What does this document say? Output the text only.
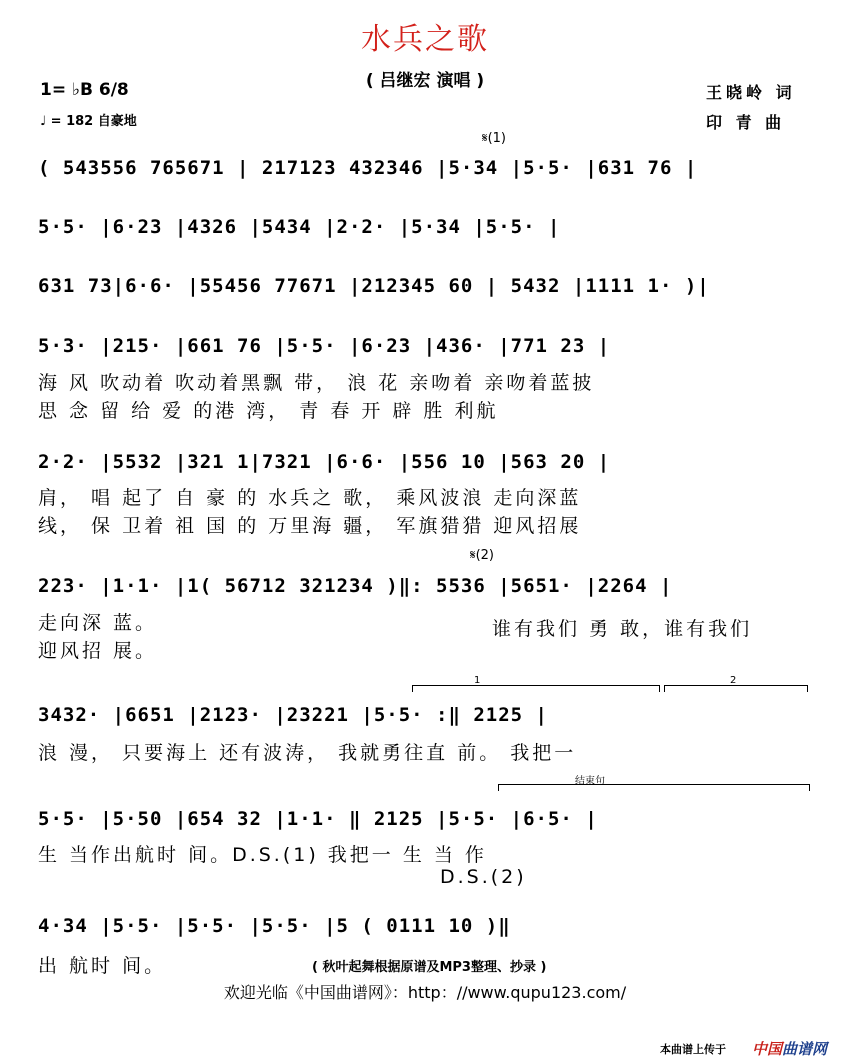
水兵之歌
( 吕继宏 演唱 )
1= ♭B 6/8
♩ = 182 自豪地
王晓岭 词
印 青 曲
𝄋(1)
( 543556 765671 | 217123 432346 |5·34 |5·5· |631 76 |
5·5· |6·23 |4326 |5434 |2·2· |5·34 |5·5· |
631 73|6·6· |55456 77671 |212345 60 | 5432 |1111 1· )|
5·3· |215· |661 76 |5·5· |6·23 |436· |771 23 |
海 风 吹动着 吹动着黑飘 带， 浪 花 亲吻着 亲吻着蓝披
思 念 留 给 爱 的港 湾， 青 春 开 辟 胜 利航
2·2· |5532 |321 1|7321 |6·6· |556 10 |563 20 |
肩， 唱 起了 自 豪 的 水兵之 歌， 乘风波浪 走向深蓝
线， 保 卫着 祖 国 的 万里海 疆， 军旗猎猎 迎风招展
𝄋(2)
223· |1·1· |1( 56712 321234 )‖: 5536 |5651· |2264 |
走向深 蓝。
迎风招 展。
谁有我们 勇 敢，谁有我们
1	2
3432· |6651 |2123· |23221 |5·5· :‖ 2125 |
浪 漫， 只要海上 还有波涛， 我就勇往直 前。 我把一
结束句
5·5· |5·50 |654 32 |1·1· ‖ 2125 |5·5· |6·5· |
生 当作出航时 间。D.S.(1) 我把一 生 当 作
D.S.(2)
4·34 |5·5· |5·5· |5·5· |5 ( 0111 10 )‖
出 航时 间。	( 秋叶起舞根据原谱及MP3整理、抄录 )
欢迎光临《中国曲谱网》：http：//www.qupu123.com/
本曲谱上传于 中国曲谱网
